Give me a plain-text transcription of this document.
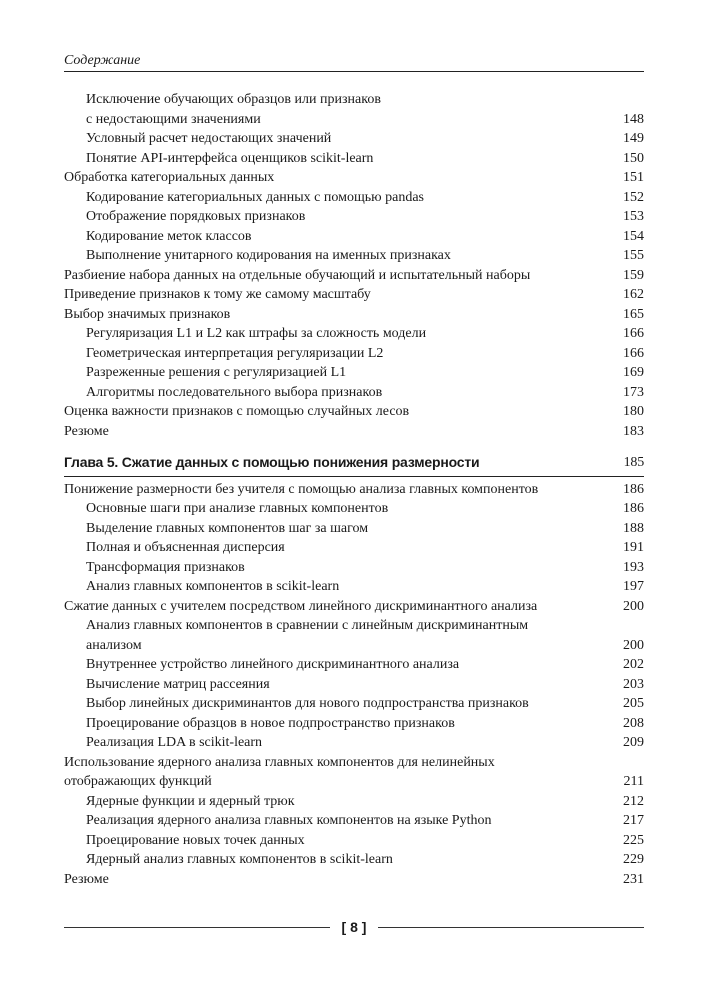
Содержание
Исключение обучающих образцов или признаков
с недостающими значениями	148
Условный расчет недостающих значений	149
Понятие API-интерфейса оценщиков scikit-learn	150
Обработка категориальных данных	151
Кодирование категориальных данных с помощью pandas	152
Отображение порядковых признаков	153
Кодирование меток классов	154
Выполнение унитарного кодирования на именных признаках	155
Разбиение набора данных на отдельные обучающий и испытательный наборы	159
Приведение признаков к тому же самому масштабу	162
Выбор значимых признаков	165
Регуляризация L1 и L2 как штрафы за сложность модели	166
Геометрическая интерпретация регуляризации L2	166
Разреженные решения с регуляризацией L1	169
Алгоритмы последовательного выбора признаков	173
Оценка важности признаков с помощью случайных лесов	180
Резюме	183
Глава 5. Сжатие данных с помощью понижения размерности	185
Понижение размерности без учителя с помощью анализа главных компонентов	186
Основные шаги при анализе главных компонентов	186
Выделение главных компонентов шаг за шагом	188
Полная и объясненная дисперсия	191
Трансформация признаков	193
Анализ главных компонентов в scikit-learn	197
Сжатие данных с учителем посредством линейного дискриминантного анализа	200
Анализ главных компонентов в сравнении с линейным дискриминантным
анализом	200
Внутреннее устройство линейного дискриминантного анализа	202
Вычисление матриц рассеяния	203
Выбор линейных дискриминантов для нового подпространства признаков	205
Проецирование образцов в новое подпространство признаков	208
Реализация LDA в scikit-learn	209
Использование ядерного анализа главных компонентов для нелинейных
отображающих функций	211
Ядерные функции и ядерный трюк	212
Реализация ядерного анализа главных компонентов на языке Python	217
Проецирование новых точек данных	225
Ядерный анализ главных компонентов в scikit-learn	229
Резюме	231
[ 8 ]
